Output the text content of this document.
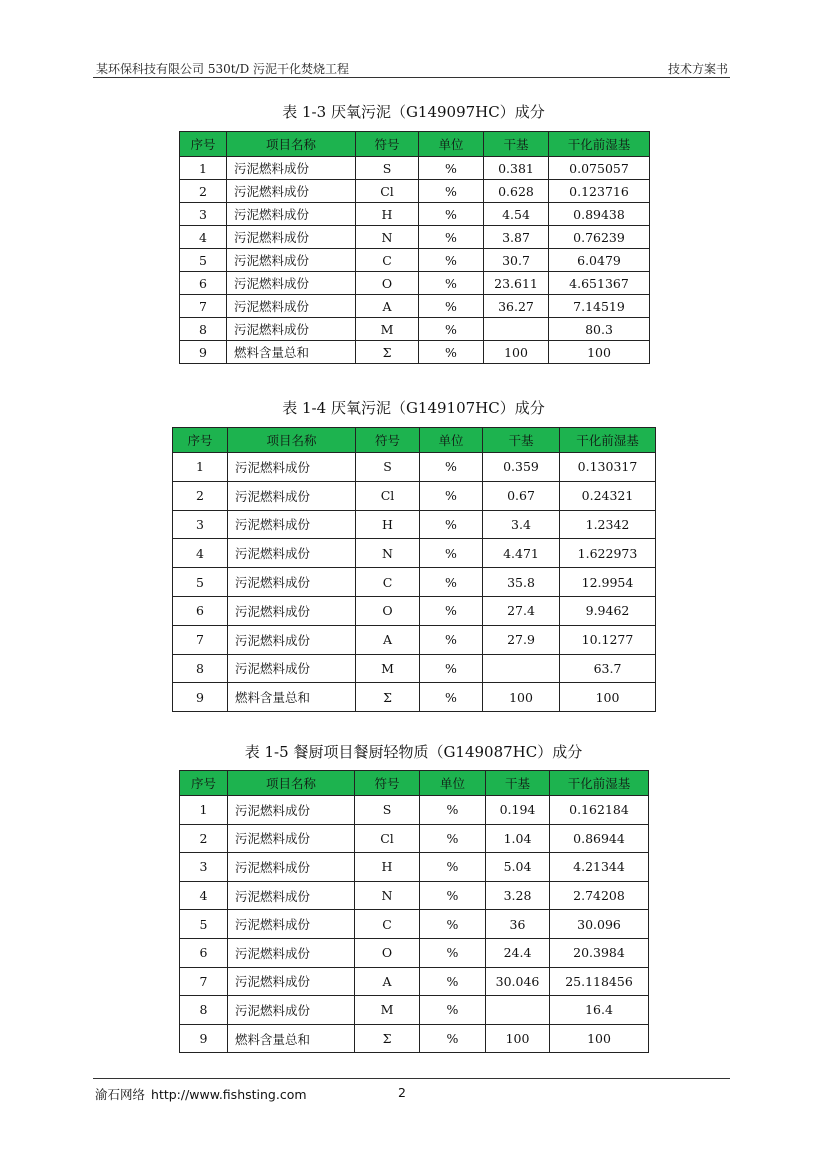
某环保科技有限公司 530t/D 污泥干化焚烧工程	技术方案书
表 1-3 厌氧污泥（G149097HC）成分
序号	项目名称	符号	单位	干基	干化前湿基
1	污泥燃料成份	S	%	0.381	0.075057
2	污泥燃料成份	Cl	%	0.628	0.123716
3	污泥燃料成份	H	%	4.54	0.89438
4	污泥燃料成份	N	%	3.87	0.76239
5	污泥燃料成份	C	%	30.7	6.0479
6	污泥燃料成份	O	%	23.611	4.651367
7	污泥燃料成份	A	%	36.27	7.14519
8	污泥燃料成份	M	%		80.3
9	燃料含量总和	Σ	%	100	100
表 1-4 厌氧污泥（G149107HC）成分
序号	项目名称	符号	单位	干基	干化前湿基
1	污泥燃料成份	S	%	0.359	0.130317
2	污泥燃料成份	Cl	%	0.67	0.24321
3	污泥燃料成份	H	%	3.4	1.2342
4	污泥燃料成份	N	%	4.471	1.622973
5	污泥燃料成份	C	%	35.8	12.9954
6	污泥燃料成份	O	%	27.4	9.9462
7	污泥燃料成份	A	%	27.9	10.1277
8	污泥燃料成份	M	%		63.7
9	燃料含量总和	Σ	%	100	100
表 1-5 餐厨项目餐厨轻物质（G149087HC）成分
序号	项目名称	符号	单位	干基	干化前湿基
1	污泥燃料成份	S	%	0.194	0.162184
2	污泥燃料成份	Cl	%	1.04	0.86944
3	污泥燃料成份	H	%	5.04	4.21344
4	污泥燃料成份	N	%	3.28	2.74208
5	污泥燃料成份	C	%	36	30.096
6	污泥燃料成份	O	%	24.4	20.3984
7	污泥燃料成份	A	%	30.046	25.118456
8	污泥燃料成份	M	%		16.4
9	燃料含量总和	Σ	%	100	100
渝石网络 http://www.fishsting.com	2
